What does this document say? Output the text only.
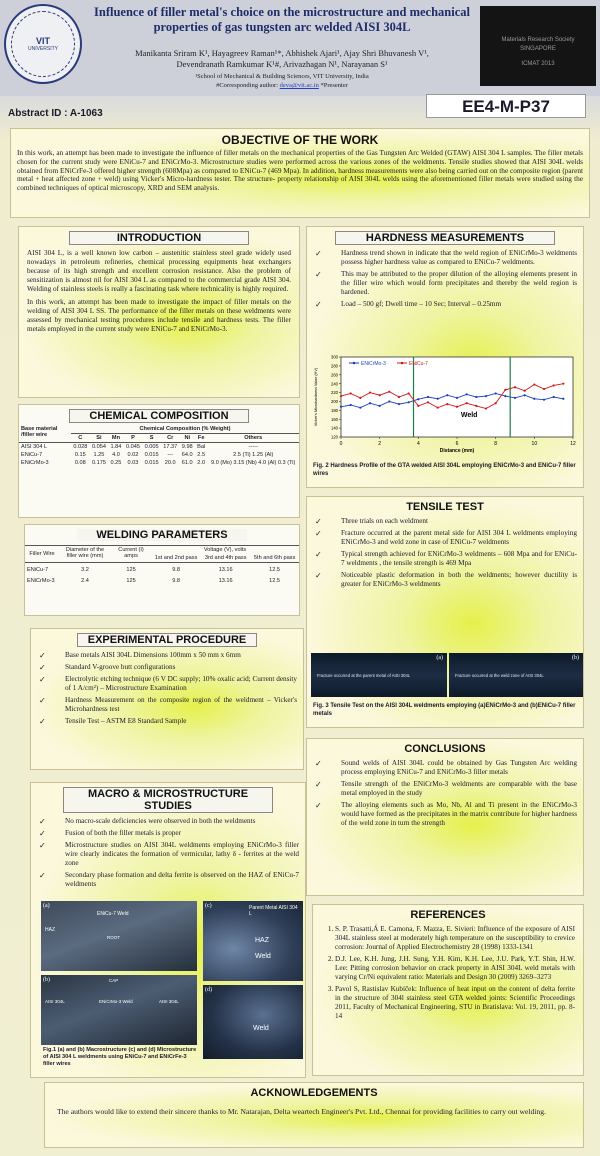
VIT
UNIVERSITY
Influence of filler metal's choice on the microstructure and mechanical properties of gas tungsten arc welded AISI 304L
Manikanta Sriram K¹, Hayagreev Raman¹*, Abhishek Ajari¹, Ajay Shri Bhuvanesh V¹,
Devendranath Ramkumar K¹#, Arivazhagan N¹, Narayanan S¹
¹School of Mechanical & Building Sciences, VIT University, India
#Corresponding author: deva@vit.ac.in *Presenter
Materials Research Society
SINGAPORE
ICMAT 2013
Abstract ID : A-1063	EE4-M-P37
OBJECTIVE OF THE WORK
In this work, an attempt has been made to investigate the influence of filler metals on the mechanical properties of the Gas Tungsten Arc Welded (GTAW) AISI 304 L samples. The filler metals chosen for the current study were ENiCu-7 and ENiCrMo-3. Microstructure studies were performed across the various zones of the weldments. Tensile studies showed that AISI 304L welds obtained from ENiCrFe-3 offered higher strength (608Mpa) as compared to ENiCu-7 (469 Mpa). In addition, hardness measurements were also being carried out on the composite region (parent metal + heat affected zone + weld) using Vicker's Micro-hardness tester. The structure- property relationship of AISI 304L welds using the aforementioned filler metals were studied using the combined techniques of optical microscopy, XRD and SEM analysis.
INTRODUCTION
AISI 304 L, is a well known low carbon – austenitic stainless steel grade widely used nowadays in petroleum refineries, chemical processing equipments heat exchangers because of its high strength and excellent corrosion resistance. Also the problem of sensitization is almost nil for AISI 304 L as compared to the commercial grade AISI 304. Welding of stainless steels is really a fascinating task where technicality is highly required.
In this work, an attempt has been made to investigate the impact of filler metals on the welding of AISI 304 L SS. The performance of the filler metals on these weldments were assessed by mechanical testing procedures include tensile and hardness tests. The filler metals employed in the current study were ENiCu-7 and ENiCrMo-3.
CHEMICAL COMPOSITION
Base material /filler wire	Chemical Composition (% Weight)								
	C	Si	Mn	P	S	Cr	Ni	Fe	Others
AISI 304 L	0.028	0.054	1.84	0.045	0.005	17.37	9.98	Bal	-----
ENiCu-7	0.15	1.25	4.0	0.02	0.015	---	64.0	2.5	2.5 (Ti) 1.25 (Al)
ENiCrMo-3	0.08	0.175	0.25	0.03	0.015	20.0	61.0	2.0	9.0 (Mo) 3.15 (Nb) 4.0 (Al) 0.3 (Ti)
WELDING PARAMETERS
Filler Wire	Diameter of the filler wire (mm)	Current (I) amps	Voltage (V), volts		
			1st and 2nd pass	3rd and 4th pass	5th and 6th pass
ENiCu-7	3.2	125	9.8	13.16	12.5
ENiCrMo-3	2.4	125	9.8	13.16	12.5
EXPERIMENTAL PROCEDURE
✓ Base metals AISI 304L Dimensions 100mm x 50 mm x 6mm
✓ Standard V-groove butt configurations
✓ Electrolytic etching technique (6 V DC supply; 10% oxalic acid; Current density of 1 A/cm²) – Microstructure Examination
✓ Hardness Measurement on the composite region of the weldment – Vicker's Microhardness test
✓ Tensile Test – ASTM E8 Standard Sample
MACRO & MICROSTRUCTURE STUDIES
✓ No macro-scale deficiencies were observed in both the weldments
✓ Fusion of both the filler metals is proper
✓ Microstructure studies on AISI 304L weldments employing ENiCrMo-3 filler wire clearly indicates the formation of vermicular, lathy δ - ferrites at the weld zone
✓ Secondary phase formation and delta ferrite is observed on the HAZ of ENiCu-7 weldments
(a)
ENiCu-7 Weld
ROOT
HAZ
(b)	CAP
AISI 304L	ENiCrMo-3 Weld	AISI 304L
(c)	Parent Metal AISI 304 L
HAZ
Weld
(d)
Weld
Fig.1 (a) and (b) Macrostructure (c) and (d) Microstructure of AISI 304 L weldments using ENiCu-7 and ENiCrFe-3 filler wires
HARDNESS MEASUREMENTS
✓ Hardness trend shown in indicate that the weld region of ENiCrMo-3 weldments possess higher hardness value as compared to ENiCu-7 weldments.
✓ This may be attributed to the proper dilution of the alloying elements present in the filler wire which would form precipitates and thereby the weld region is hardened.
✓ Load – 500 gf; Dwell time – 10 Sec; Interval – 0.25mm
0	2	4	6	8	10	12
120
140
160
180
200
220
240
260
280
300
Distance (mm)
Vicker's Microhardness Value (HV)	Weld
ENiCrMo-3	ENiCu-7
Fig. 2 Hardness Profile of the GTA welded AISI 304L employing ENiCrMo-3 and ENiCu-7 filler wires
TENSILE TEST
✓ Three trials on each weldment
✓ Fracture occurred at the parent metal side for AISI 304 L weldments employing ENiCrMo-3 and weld zone in case of ENiCu-7 weldments
✓ Typical strength achieved for ENiCrMo-3 weldments – 608 Mpa and for ENiCu-7 weldments , the tensile strength is 469 Mpa
✓ Noticeable plastic deformation in both the weldments; however ductility is greater for ENiCrMo-3 weldments
(a)
Fracture occurred at the parent metal of AISI 304L
(b)
Fracture occurred at the weld zone of AISI 304L
Fig. 3 Tensile Test on the AISI 304L weldments employing (a)ENiCrMo-3 and (b)ENiCu-7 filler metals
CONCLUSIONS
✓ Sound welds of AISI 304L could be obtained by Gas Tungsten Arc welding process employing ENiCu-7 and ENiCrMo-3 filler metals
✓ Tensile strength of the ENiCrMo-3 weldments are comparable with the base metal employed in the study
✓ The alloying elements such as Mo, Nb, Al and Ti present in the ENiCrMo-3 would have formed as the precipitates in the matrix contribute for higher hardness of the weld zone in turn the strength
REFERENCES
1. S. P. Trasatti,Á E. Camona, F. Mazza, E. Sivieri: Influence of the exposure of AISI 304L stainless steel at moderately high temperature on the susceptibility to crevice corrosion: Journal of Applied Electrochemistry 28 (1998) 1333-1341
2. D.J. Lee, K.H. Jung, J.H. Sung, Y.H. Kim, K.H. Lee, J.U. Park, Y.T. Shin, H.W. Lee: Pitting corrosion behavior on crack property in AISI 304L weld metals with varying Cr/Ni equivalent ratio: Materials and Design 30 (2009) 3269–3273
3. Pavol S, Rastislav Kubíček: Influence of heat input on the content of delta ferrite in the structure of 304l stainless steel GTA welded joints: Scientific Proceedings 2011, Faculty of Mechanical Engineering, STU in Bratislava: Vol. 19, 2011, pp. 8-14
ACKNOWLEDGEMENTS
The authors would like to extend their sincere thanks to Mr. Natarajan, Delta weartech Engineer's Pvt. Ltd., Chennai for providing facilities to carry out welding.
